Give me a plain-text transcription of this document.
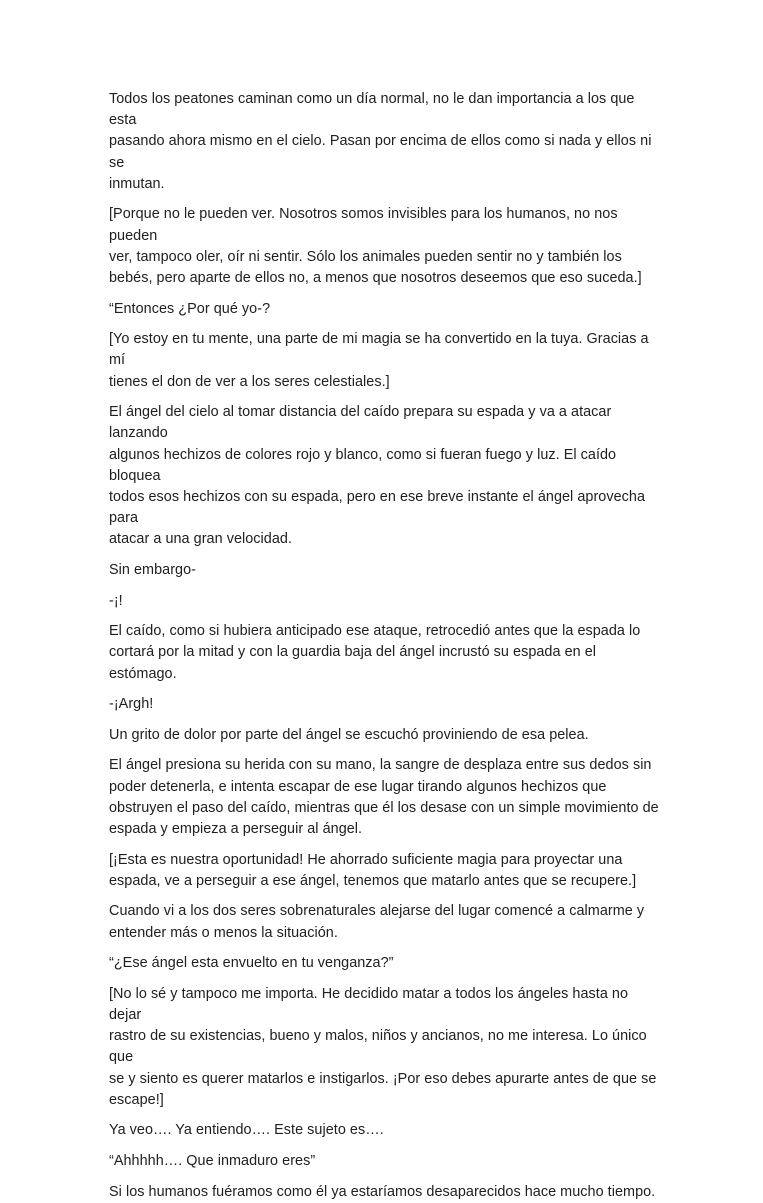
Todos los peatones caminan como un día normal, no le dan importancia a los que esta
pasando ahora mismo en el cielo. Pasan por encima de ellos como si nada y ellos ni se
inmutan.

[Porque no le pueden ver. Nosotros somos invisibles para los humanos, no nos pueden
ver, tampoco oler, oír ni sentir. Sólo los animales pueden sentir no y también los
bebés, pero aparte de ellos no, a menos que nosotros deseemos que eso suceda.]

“Entonces ¿Por qué yo-?

[Yo estoy en tu mente, una parte de mi magia se ha convertido en la tuya. Gracias a mí
tienes el don de ver a los seres celestiales.]

El ángel del cielo al tomar distancia del caído prepara su espada y va a atacar lanzando
algunos hechizos de colores rojo y blanco, como si fueran fuego y luz. El caído bloquea
todos esos hechizos con su espada, pero en ese breve instante el ángel aprovecha para
atacar a una gran velocidad.

Sin embargo-

-¡!

El caído, como si hubiera anticipado ese ataque, retrocedió antes que la espada lo
cortará por la mitad y con la guardia baja del ángel incrustó su espada en el estómago.

-¡Argh!

Un grito de dolor por parte del ángel se escuchó proviniendo de esa pelea.

El ángel presiona su herida con su mano, la sangre de desplaza entre sus dedos sin
poder detenerla, e intenta escapar de ese lugar tirando algunos hechizos que
obstruyen el paso del caído, mientras que él los desase con un simple movimiento de
espada y empieza a perseguir al ángel.

[¡Esta es nuestra oportunidad! He ahorrado suficiente magia para proyectar una
espada, ve a perseguir a ese ángel, tenemos que matarlo antes que se recupere.]

Cuando vi a los dos seres sobrenaturales alejarse del lugar comencé a calmarme y
entender más o menos la situación.

“¿Ese ángel esta envuelto en tu venganza?”

[No lo sé y tampoco me importa. He decidido matar a todos los ángeles hasta no dejar
rastro de su existencias, bueno y malos, niños y ancianos, no me interesa. Lo único que
se y siento es querer matarlos e instigarlos. ¡Por eso debes apurarte antes de que se
escape!]

Ya veo…. Ya entiendo…. Este sujeto es….

“Ahhhhh…. Que inmaduro eres”

Si los humanos fuéramos como él ya estaríamos desaparecidos hace mucho tiempo.
